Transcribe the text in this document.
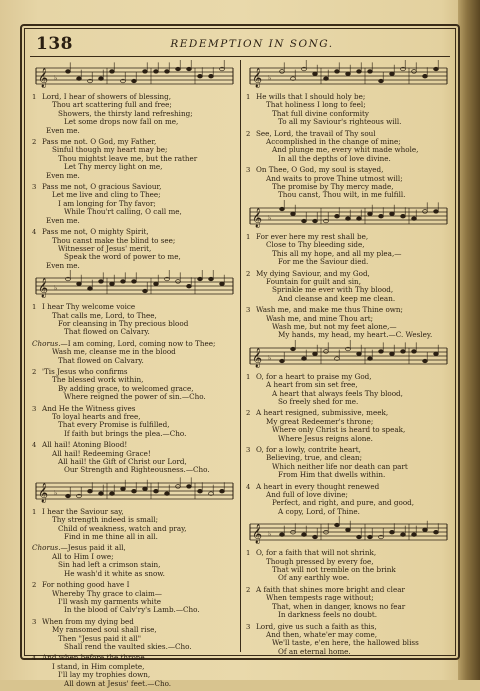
138	REDEMPTION IN SONG.
𝄞 ♭
1 Lord, I hear of showers of blessing,
Thou art scattering full and free;
Showers, the thirsty land refreshing;
Let some drops now fall on me,
Even me.
2 Pass me not. O God, my Father,
Sinful though my heart may be;
Thou mightst leave me, but the rather
Let Thy mercy light on me,
Even me.
3 Pass me not, O gracious Saviour,
Let me live and cling to Thee;
I am longing for Thy favor;
While Thou'rt calling, O call me,
Even me.
4 Pass me not, O mighty Spirit,
Thou canst make the blind to see;
Witnesser of Jesus' merit,
Speak the word of power to me,
Even me.
𝄞 ♭
1 I hear Thy welcome voice
That calls me, Lord, to Thee,
For cleansing in Thy precious blood
That flowed on Calvary.
Chorus.—I am coming, Lord, coming now to Thee;
Wash me, cleanse me in the blood
That flowed on Calvary.
2 'Tis Jesus who confirms
The blessed work within,
By adding grace, to welcomed grace,
Where reigned the power of sin.—Cho.
3 And He the Witness gives
To loyal hearts and free,
That every Promise is fulfilled,
If faith but brings the plea.—Cho.
4 All hail! Atoning Blood!
All hail! Redeeming Grace!
All hail! the Gift of Christ our Lord,
Our Strength and Righteousness.—Cho.
𝄞 ♭
1 I hear the Saviour say,
Thy strength indeed is small;
Child of weakness, watch and pray,
Find in me thine all in all.
Chorus.—Jesus paid it all,
All to Him I owe;
Sin had left a crimson stain,
He wash'd it white as snow.
2 For nothing good have I
Whereby Thy grace to claim—
I'll wash my garments white
In the blood of Calv'ry's Lamb.—Cho.
3 When from my dying bed
My ransomed soul shall rise,
Then "Jesus paid it all"
Shall rend the vaulted skies.—Cho.
4 And when before the throne
I stand, in Him complete,
I'll lay my trophies down,
All down at Jesus' feet.—Cho.
𝄞 ♭
1 He wills that I should holy be;
That holiness I long to feel;
That full divine conformity
To all my Saviour's righteous will.
2 See, Lord, the travail of Thy soul
Accomplished in the change of mine;
And plunge me, every whit made whole,
In all the depths of love divine.
3 On Thee, O God, my soul is stayed,
And waits to prove Thine utmost will;
The promise by Thy mercy made,
Thou canst, Thou wilt, in me fulfill.
𝄞 ♭
1 For ever here my rest shall be,
Close to Thy bleeding side,
This all my hope, and all my plea,—
For me the Saviour died.
2 My dying Saviour, and my God,
Fountain for guilt and sin,
Sprinkle me ever with Thy blood,
And cleanse and keep me clean.
3 Wash me, and make me thus Thine own;
Wash me, and mine Thou art;
Wash me, but not my feet alone,—
My hands, my head, my heart.—C. Wesley.
𝄞 ♭
1 O, for a heart to praise my God,
A heart from sin set free,
A heart that always feels Thy blood,
So freely shed for me.
2 A heart resigned, submissive, meek,
My great Redeemer's throne;
Where only Christ is heard to speak,
Where Jesus reigns alone.
3 O, for a lowly, contrite heart,
Believing, true, and clean;
Which neither life nor death can part
From Him that dwells within.
4 A heart in every thought renewed
And full of love divine;
Perfect, and right, and pure, and good,
A copy, Lord, of Thine.
𝄞 ♭
1 O, for a faith that will not shrink,
Though pressed by every foe,
That will not tremble on the brink
Of any earthly woe.
2 A faith that shines more bright and clear
When tempests rage without;
That, when in danger, knows no fear
In darkness feels no doubt.
3 Lord, give us such a faith as this,
And then, whate'er may come,
We'll taste, e'en here, the hallowed bliss
Of an eternal home.
